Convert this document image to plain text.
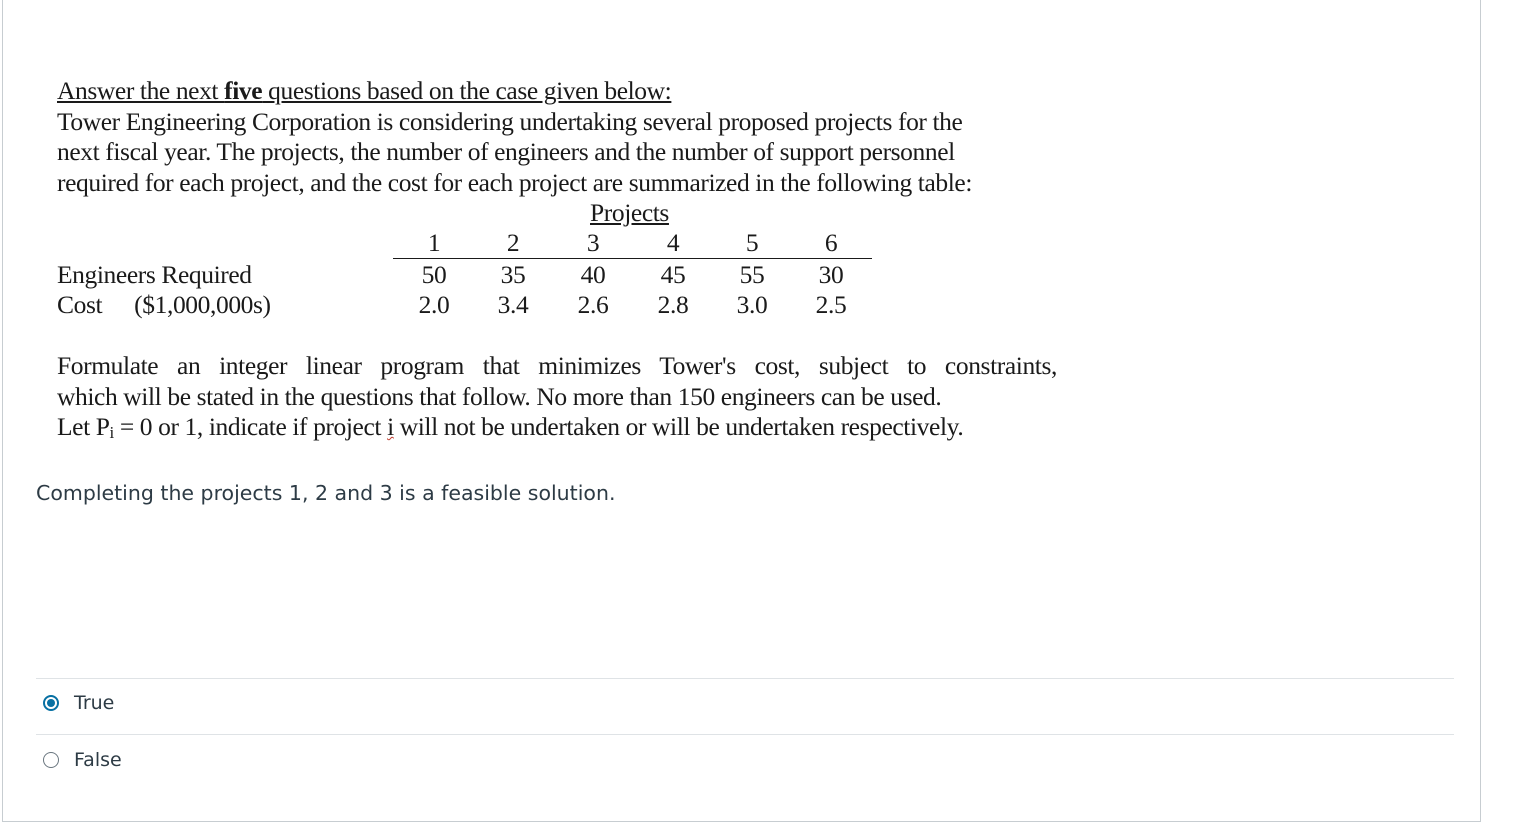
Answer the next five questions based on the case given below:
Tower Engineering Corporation is considering undertaking several proposed projects for the
next fiscal year. The projects, the number of engineers and the number of support personnel
required for each project, and the cost for each project are summarized in the following table:
Projects
1	2	3	4	5	6
Engineers Required	50	35	40	45	55	30
Cost ($1,000,000s)	2.0	3.4	2.6	2.8	3.0	2.5
Formulate an integer linear program that minimizes Tower's cost, subject to constraints,
which will be stated in the questions that follow. No more than 150 engineers can be used.
Let Pi = 0 or 1, indicate if project i will not be undertaken or will be undertaken respectively.
Completing the projects 1, 2 and 3 is a feasible solution.
True
False
